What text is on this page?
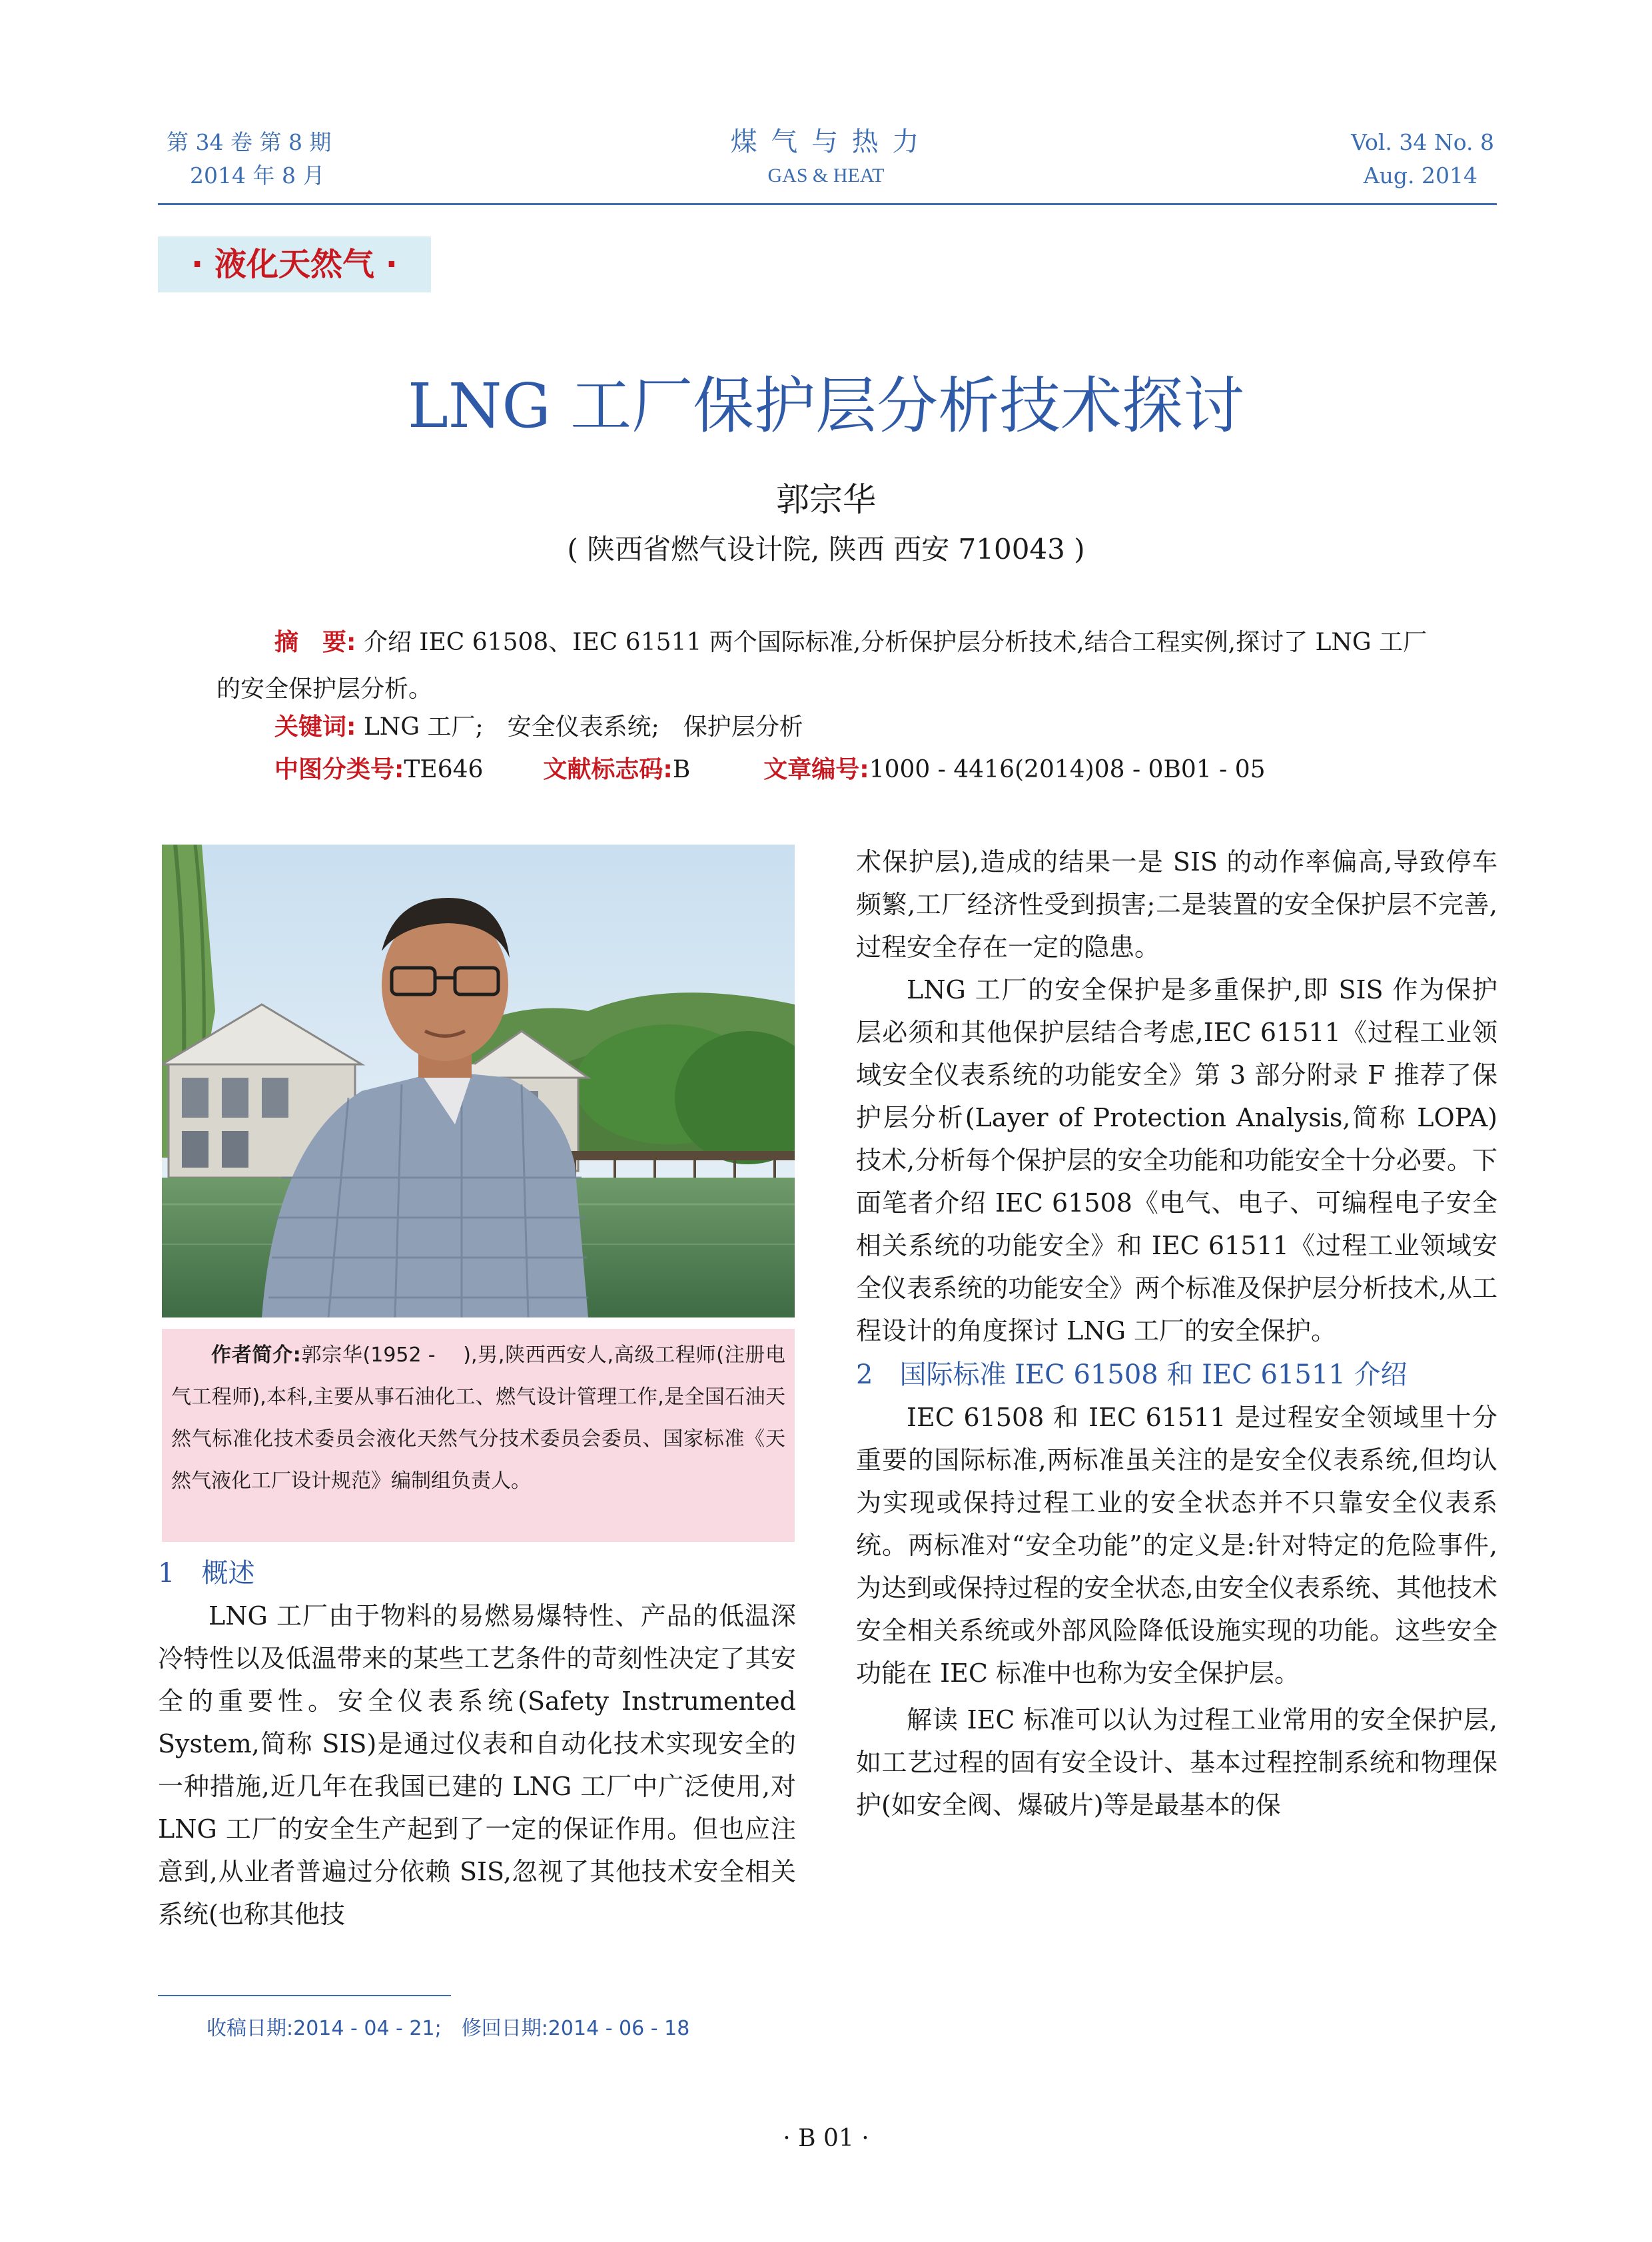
第 34 卷 第 8 期
2014 年 8 月
煤 气 与 热 力
GAS & HEAT
Vol. 34 No. 8
Aug. 2014
· 液化天然气 ·
LNG 工厂保护层分析技术探讨
郭宗华
( 陕西省燃气设计院, 陕西 西安 710043 )
摘　要: 介绍 IEC 61508、IEC 61511 两个国际标准,分析保护层分析技术,结合工程实例,探讨了 LNG 工厂的安全保护层分析。
关键词: LNG 工厂;　安全仪表系统;　保护层分析
中图分类号:TE646	文献标志码:B	文章编号:1000 - 4416(2014)08 - 0B01 - 05
作者简介:郭宗华(1952 -　 ),男,陕西西安人,高级工程师(注册电气工程师),本科,主要从事石油化工、燃气设计管理工作,是全国石油天然气标准化技术委员会液化天然气分技术委员会委员、国家标准《天然气液化工厂设计规范》编制组负责人。

1　概述

LNG 工厂由于物料的易燃易爆特性、产品的低温深冷特性以及低温带来的某些工艺条件的苛刻性决定了其安全的重要性。安全仪表系统(Safety Instrumented System,简称 SIS)是通过仪表和自动化技术实现安全的一种措施,近几年在我国已建的 LNG 工厂中广泛使用,对 LNG 工厂的安全生产起到了一定的保证作用。但也应注意到,从业者普遍过分依赖 SIS,忽视了其他技术安全相关系统(也称其他技

术保护层),造成的结果一是 SIS 的动作率偏高,导致停车频繁,工厂经济性受到损害;二是装置的安全保护层不完善,过程安全存在一定的隐患。

LNG 工厂的安全保护是多重保护,即 SIS 作为保护层必须和其他保护层结合考虑,IEC 61511《过程工业领域安全仪表系统的功能安全》第 3 部分附录 F 推荐了保护层分析(Layer of Protection Analysis,简称 LOPA)技术,分析每个保护层的安全功能和功能安全十分必要。下面笔者介绍 IEC 61508《电气、电子、可编程电子安全相关系统的功能安全》和 IEC 61511《过程工业领域安全仪表系统的功能安全》两个标准及保护层分析技术,从工程设计的角度探讨 LNG 工厂的安全保护。

2　国际标准 IEC 61508 和 IEC 61511 介绍

IEC 61508 和 IEC 61511 是过程安全领域里十分重要的国际标准,两标准虽关注的是安全仪表系统,但均认为实现或保持过程工业的安全状态并不只靠安全仪表系统。两标准对“安全功能”的定义是:针对特定的危险事件,为达到或保持过程的安全状态,由安全仪表系统、其他技术安全相关系统或外部风险降低设施实现的功能。这些安全功能在 IEC 标准中也称为安全保护层。

解读 IEC 标准可以认为过程工业常用的安全保护层,如工艺过程的固有安全设计、基本过程控制系统和物理保护(如安全阀、爆破片)等是最基本的保

收稿日期:2014 - 04 - 21;　修回日期:2014 - 06 - 18
· B 01 ·
